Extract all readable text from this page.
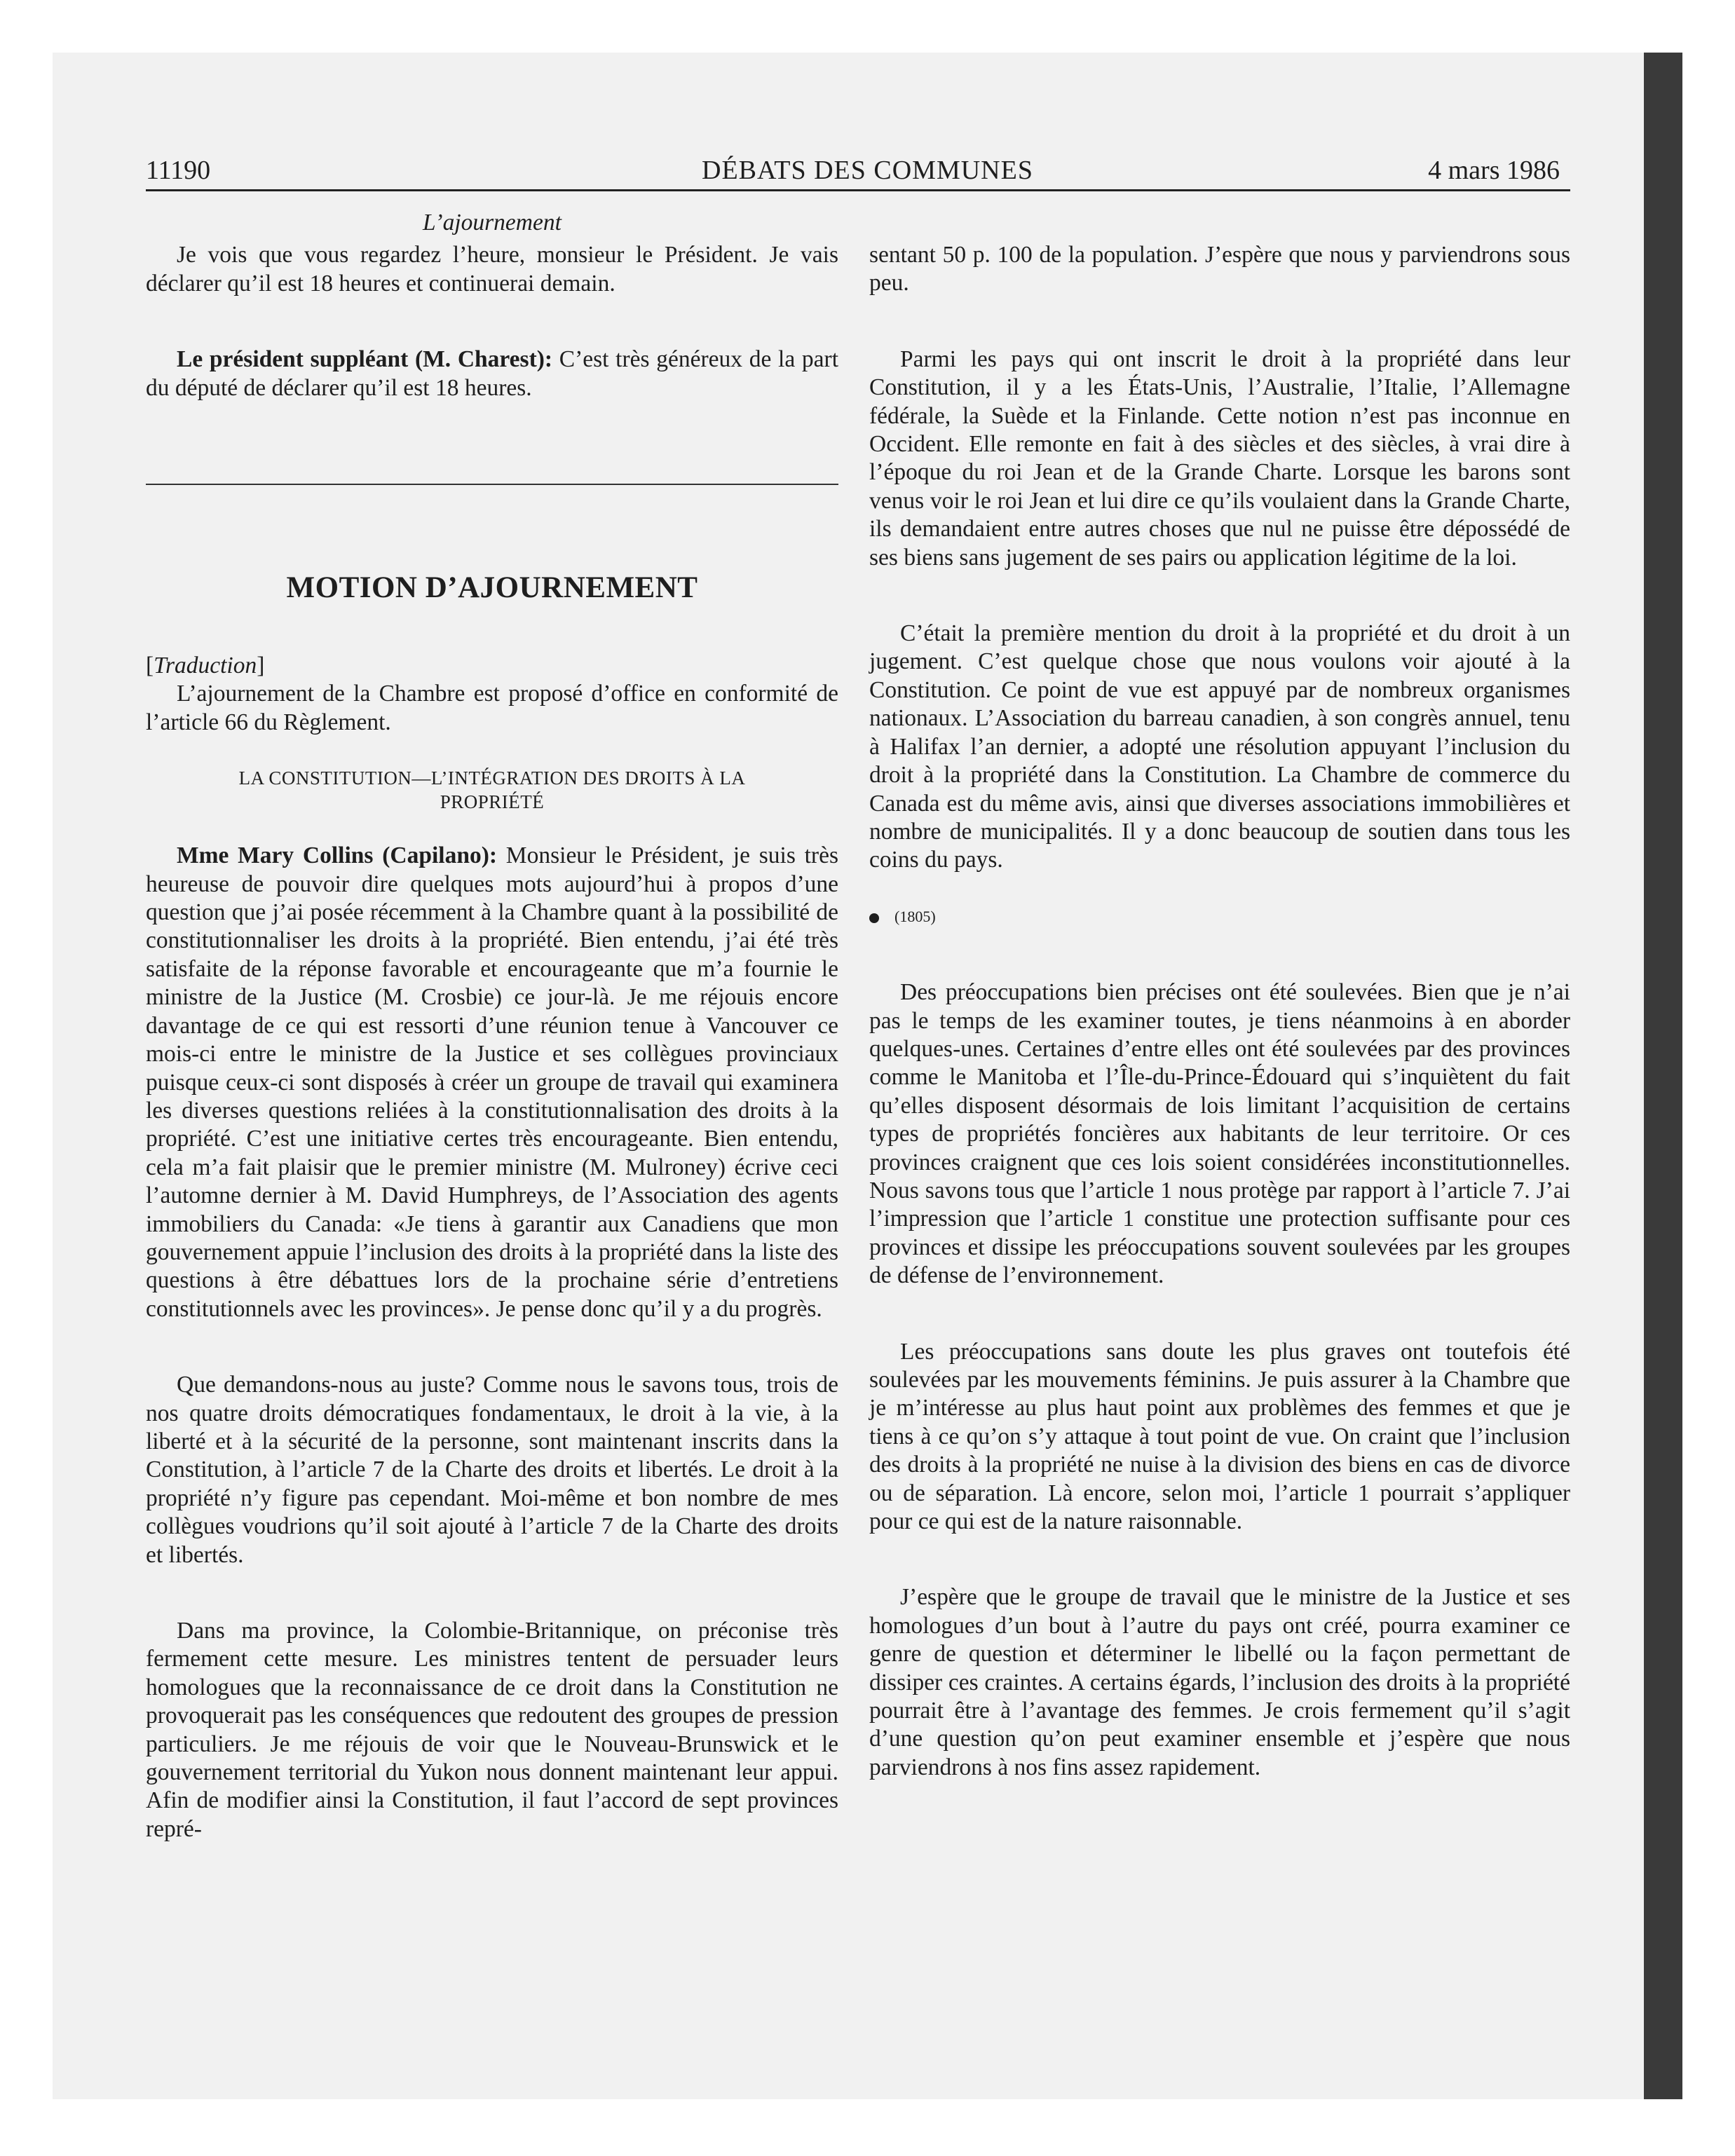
11190	DÉBATS DES COMMUNES	4 mars 1986

L’ajournement

Je vois que vous regardez l’heure, monsieur le Président. Je vais déclarer qu’il est 18 heures et continuerai demain.

Le président suppléant (M. Charest): C’est très généreux de la part du député de déclarer qu’il est 18 heures.

MOTION D’AJOURNEMENT

[Traduction]

L’ajournement de la Chambre est proposé d’office en conformité de l’article 66 du Règlement.

LA CONSTITUTION—L’INTÉGRATION DES DROITS À LA PROPRIÉTÉ

Mme Mary Collins (Capilano): Monsieur le Président, je suis très heureuse de pouvoir dire quelques mots aujourd’hui à propos d’une question que j’ai posée récemment à la Chambre quant à la possibilité de constitutionnaliser les droits à la propriété. Bien entendu, j’ai été très satisfaite de la réponse favorable et encourageante que m’a fournie le ministre de la Justice (M. Crosbie) ce jour-là. Je me réjouis encore davantage de ce qui est ressorti d’une réunion tenue à Vancouver ce mois-ci entre le ministre de la Justice et ses collègues provinciaux puisque ceux-ci sont disposés à créer un groupe de travail qui examinera les diverses questions reliées à la constitutionnalisation des droits à la propriété. C’est une initiative certes très encourageante. Bien entendu, cela m’a fait plaisir que le premier ministre (M. Mulroney) écrive ceci l’automne dernier à M. David Humphreys, de l’Association des agents immobiliers du Canada: «Je tiens à garantir aux Canadiens que mon gouvernement appuie l’inclusion des droits à la propriété dans la liste des questions à être débattues lors de la prochaine série d’entretiens constitutionnels avec les provinces». Je pense donc qu’il y a du progrès.

Que demandons-nous au juste? Comme nous le savons tous, trois de nos quatre droits démocratiques fondamentaux, le droit à la vie, à la liberté et à la sécurité de la personne, sont maintenant inscrits dans la Constitution, à l’article 7 de la Charte des droits et libertés. Le droit à la propriété n’y figure pas cependant. Moi-même et bon nombre de mes collègues voudrions qu’il soit ajouté à l’article 7 de la Charte des droits et libertés.

Dans ma province, la Colombie-Britannique, on préconise très fermement cette mesure. Les ministres tentent de persuader leurs homologues que la reconnaissance de ce droit dans la Constitution ne provoquerait pas les conséquences que redoutent des groupes de pression particuliers. Je me réjouis de voir que le Nouveau-Brunswick et le gouvernement territorial du Yukon nous donnent maintenant leur appui. Afin de modifier ainsi la Constitution, il faut l’accord de sept provinces repré-

sentant 50 p. 100 de la population. J’espère que nous y parviendrons sous peu.

Parmi les pays qui ont inscrit le droit à la propriété dans leur Constitution, il y a les États-Unis, l’Australie, l’Italie, l’Allemagne fédérale, la Suède et la Finlande. Cette notion n’est pas inconnue en Occident. Elle remonte en fait à des siècles et des siècles, à vrai dire à l’époque du roi Jean et de la Grande Charte. Lorsque les barons sont venus voir le roi Jean et lui dire ce qu’ils voulaient dans la Grande Charte, ils demandaient entre autres choses que nul ne puisse être dépossédé de ses biens sans jugement de ses pairs ou application légitime de la loi.

C’était la première mention du droit à la propriété et du droit à un jugement. C’est quelque chose que nous voulons voir ajouté à la Constitution. Ce point de vue est appuyé par de nombreux organismes nationaux. L’Association du barreau canadien, à son congrès annuel, tenu à Halifax l’an dernier, a adopté une résolution appuyant l’inclusion du droit à la propriété dans la Constitution. La Chambre de commerce du Canada est du même avis, ainsi que diverses associations immobilières et nombre de municipalités. Il y a donc beaucoup de soutien dans tous les coins du pays.

(1805)

Des préoccupations bien précises ont été soulevées. Bien que je n’ai pas le temps de les examiner toutes, je tiens néanmoins à en aborder quelques-unes. Certaines d’entre elles ont été soulevées par des provinces comme le Manitoba et l’Île-du-Prince-Édouard qui s’inquiètent du fait qu’elles disposent désormais de lois limitant l’acquisition de certains types de propriétés foncières aux habitants de leur territoire. Or ces provinces craignent que ces lois soient considérées inconstitutionnelles. Nous savons tous que l’article 1 nous protège par rapport à l’article 7. J’ai l’impression que l’article 1 constitue une protection suffisante pour ces provinces et dissipe les préoccupations souvent soulevées par les groupes de défense de l’environnement.

Les préoccupations sans doute les plus graves ont toutefois été soulevées par les mouvements féminins. Je puis assurer à la Chambre que je m’intéresse au plus haut point aux problèmes des femmes et que je tiens à ce qu’on s’y attaque à tout point de vue. On craint que l’inclusion des droits à la propriété ne nuise à la division des biens en cas de divorce ou de séparation. Là encore, selon moi, l’article 1 pourrait s’appliquer pour ce qui est de la nature raisonnable.

J’espère que le groupe de travail que le ministre de la Justice et ses homologues d’un bout à l’autre du pays ont créé, pourra examiner ce genre de question et déterminer le libellé ou la façon permettant de dissiper ces craintes. A certains égards, l’inclusion des droits à la propriété pourrait être à l’avantage des femmes. Je crois fermement qu’il s’agit d’une question qu’on peut examiner ensemble et j’espère que nous parviendrons à nos fins assez rapidement.
